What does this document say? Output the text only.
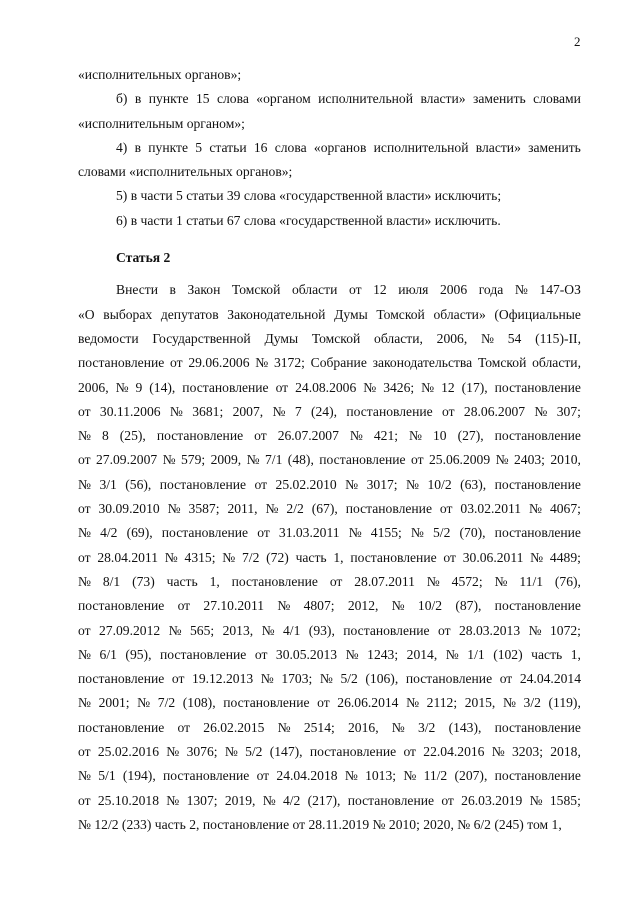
2
«исполнительных органов»;
б) в пункте 15 слова «органом исполнительной власти» заменить словами
«исполнительным органом»;
4) в пункте 5 статьи 16 слова «органов исполнительной власти» заменить
словами «исполнительных органов»;
5) в части 5 статьи 39 слова «государственной власти» исключить;
6) в части 1 статьи 67 слова «государственной власти» исключить.
Статья 2
Внести в Закон Томской области от 12 июля 2006 года № 147-ОЗ
«О выборах депутатов Законодательной Думы Томской области» (Официальные
ведомости Государственной Думы Томской области, 2006, № 54 (115)-II,
постановление от 29.06.2006 № 3172; Собрание законодательства Томской области,
2006, № 9 (14), постановление от 24.08.2006 № 3426; № 12 (17), постановление
от 30.11.2006 № 3681; 2007, № 7 (24), постановление от 28.06.2007 № 307;
№ 8 (25), постановление от 26.07.2007 № 421; № 10 (27), постановление
от 27.09.2007 № 579; 2009, № 7/1 (48), постановление от 25.06.2009 № 2403; 2010,
№ 3/1 (56), постановление от 25.02.2010 № 3017; № 10/2 (63), постановление
от 30.09.2010 № 3587; 2011, № 2/2 (67), постановление от 03.02.2011 № 4067;
№ 4/2 (69), постановление от 31.03.2011 № 4155; № 5/2 (70), постановление
от 28.04.2011 № 4315; № 7/2 (72) часть 1, постановление от 30.06.2011 № 4489;
№ 8/1 (73) часть 1, постановление от 28.07.2011 № 4572; № 11/1 (76),
постановление от 27.10.2011 № 4807; 2012, № 10/2 (87), постановление
от 27.09.2012 № 565; 2013, № 4/1 (93), постановление от 28.03.2013 № 1072;
№ 6/1 (95), постановление от 30.05.2013 № 1243; 2014, № 1/1 (102) часть 1,
постановление от 19.12.2013 № 1703; № 5/2 (106), постановление от 24.04.2014
№ 2001; № 7/2 (108), постановление от 26.06.2014 № 2112; 2015, № 3/2 (119),
постановление от 26.02.2015 № 2514; 2016, № 3/2 (143), постановление
от 25.02.2016 № 3076; № 5/2 (147), постановление от 22.04.2016 № 3203; 2018,
№ 5/1 (194), постановление от 24.04.2018 № 1013; № 11/2 (207), постановление
от 25.10.2018 № 1307; 2019, № 4/2 (217), постановление от 26.03.2019 № 1585;
№ 12/2 (233) часть 2, постановление от 28.11.2019 № 2010; 2020, № 6/2 (245) том 1,
